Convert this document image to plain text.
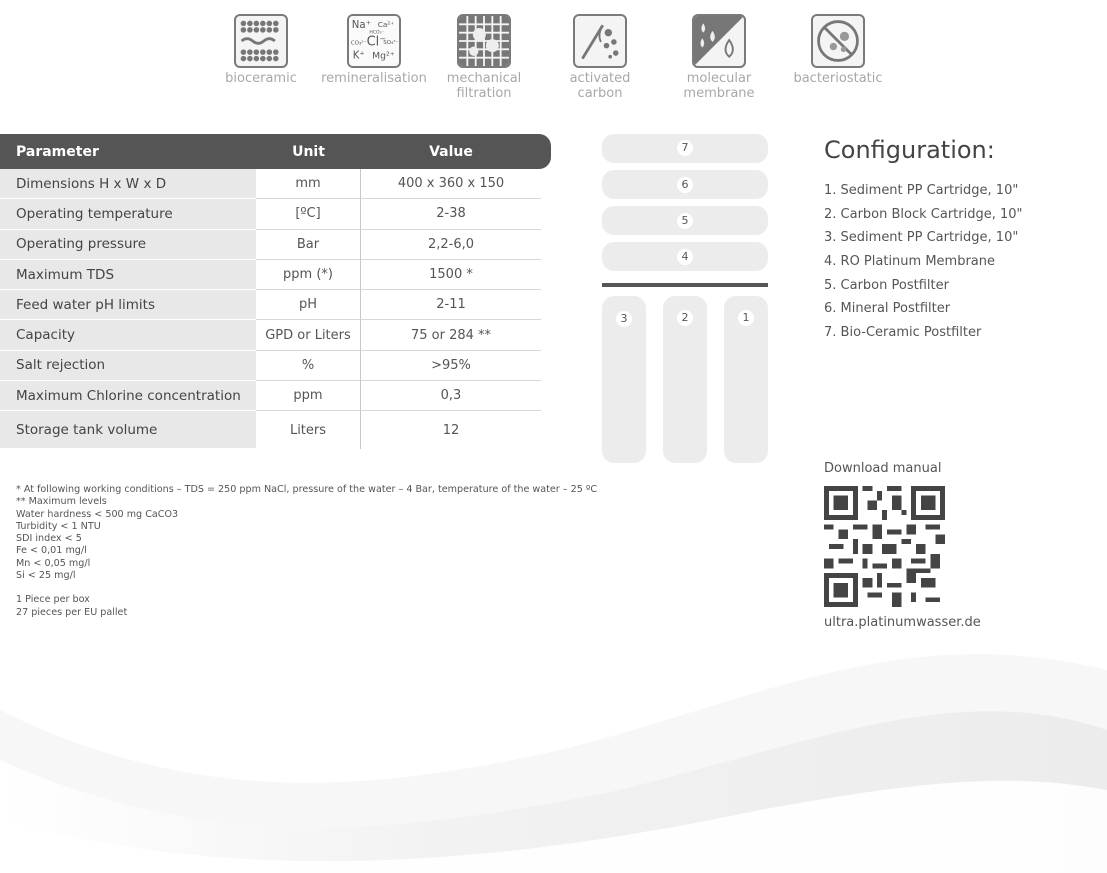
bioceramic
Na⁺ Ca²⁺
HCO₃⁻
CO₃²⁻ Cl⁻
SO₄²⁻
K⁺ Mg²⁺
remineralisation	mechanical
filtration
activated
carbon
molecular
membrane
bacteriostatic
Parameter	Unit	Value
Dimensions H x W x D	mm	400 x 360 x 150
Operating temperature	[ºC]	2-38
Operating pressure	Bar	2,2-6,0
Maximum TDS	ppm (*)	1500 *
Feed water pH limits	pH	2-11
Capacity	GPD or Liters	75 or 284 **
Salt rejection	%	>95%
Maximum Chlorine concentration	ppm	0,3
Storage tank volume	Liters	12
7
6
5
4
3	2	1
Configuration:
1. Sediment PP Cartridge, 10"
2. Carbon Block Cartridge, 10"
3. Sediment PP Cartridge, 10"
4. RO Platinum Membrane
5. Carbon Postfilter
6. Mineral Postfilter
7. Bio-Ceramic Postfilter
Download manual
ultra.platinumwasser.de
* At following working conditions – TDS = 250 ppm NaCl, pressure of the water – 4 Bar, temperature of the water – 25 ºC
** Maximum levels
Water hardness < 500 mg CaCO3
Turbidity < 1 NTU
SDI index < 5
Fe < 0,01 mg/l
Mn < 0,05 mg/l
Si < 25 mg/l
1 Piece per box
27 pieces per EU pallet
